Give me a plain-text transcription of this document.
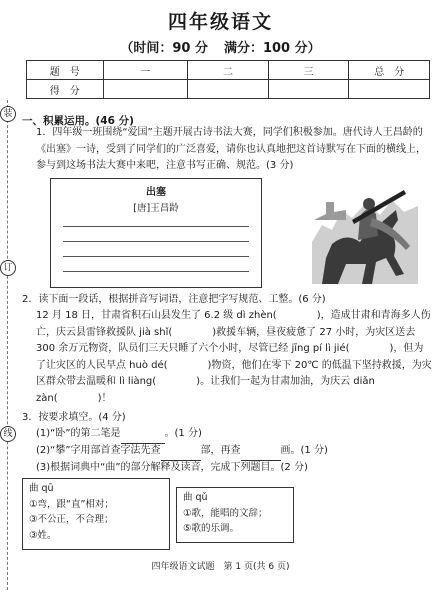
四年级语文
（时间：90 分 满分：100 分）
题　号	一	二	三	总　分
得　分				
装
订
线
一、积累运用。(46 分)
1．四年级一班围绕“爱国”主题开展古诗书法大赛，同学们积极参加。唐代诗人王昌龄的《出塞》一诗，受到了同学们的广泛喜爱，请你也认真地把这首诗默写在下面的横线上，参与到这场书法大赛中来吧，注意书写正确、规范。(3 分)
出塞
[唐]王昌龄
2．读下面一段话，根据拼音写词语，注意把字写规范、工整。(6 分)
12 月 18 日，甘肃省积石山县发生了 6.2 级 dì zhèn(　　　　)，造成甘肃和青海多人伤亡，庆云县雷锋救援队 jià shǐ(　　　　)救援车辆，昼夜疲惫了 27 小时，为灾区送去 300 余万元物资，队员们三天只睡了六个小时，尽管已经 jīng pí lì jié(　　　　)，但为了让灾区的人民早点 huò dé(　　　　)物资，他们在零下 20℃ 的低温下坚持救援，为灾区群众带去温暖和 lì liàng(　　　　)。让我们一起为甘肃加油，为庆云 diǎn zàn(　　　　)！
3．按要求填空。(4 分)
(1)“卧”的第二笔是	。(1 分)
(2)“攀”字用部首查字法先查	部，再查	画。(1 分)
(3)根据词典中“曲”的部分解释及读音，完成下列题目。(2 分)
曲 qū
①弯，跟“直”相对；
③不公正，不合理；
③姓。
曲 qǔ
①歌，能唱的文辞；
⑤歌的乐调。
四年级语文试题　第 1 页(共 6 页)
